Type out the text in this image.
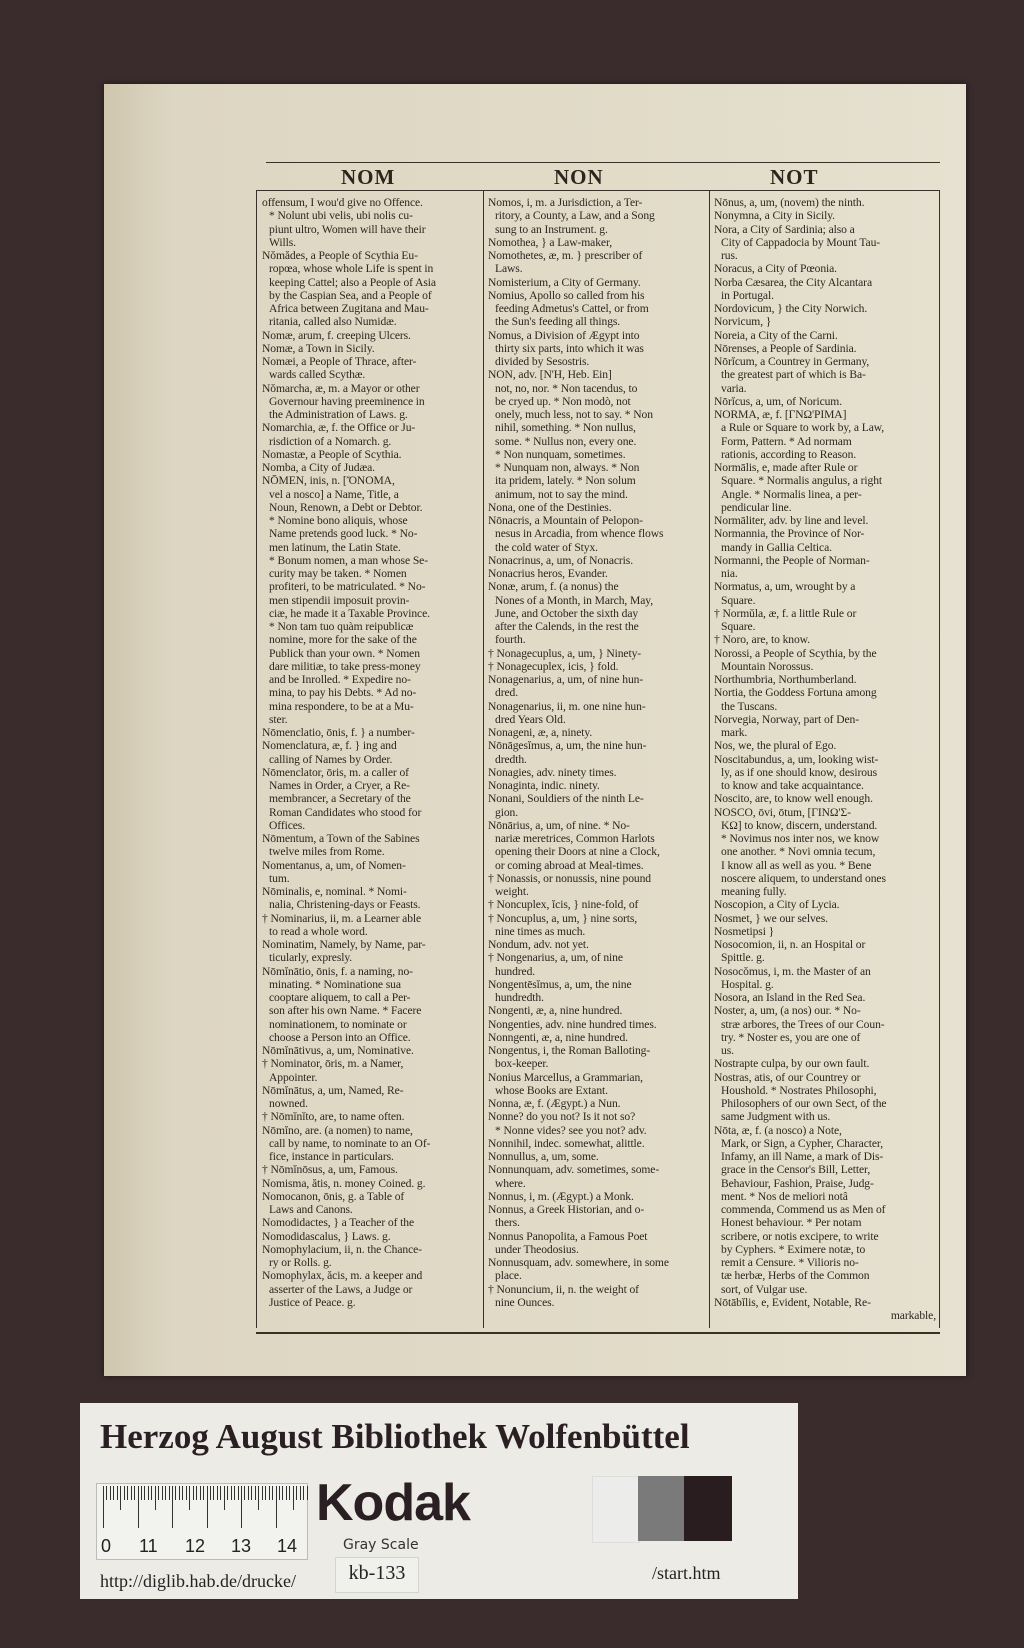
NOM	NON	NOT
offensum, I wou'd give no Offence.
* Nolunt ubi velis, ubi nolis cu-
piunt ultro, Women will have their
Wills.
Nŏmădes, a People of Scythia Eu-
ropœa, whose whole Life is spent in
keeping Cattel; also a People of Asia
by the Caspian Sea, and a People of
Africa between Zugitana and Mau-
ritania, called also Numidæ.
Nomæ, arum, f. creeping Ulcers.
Nomæ, a Town in Sicily.
Nomæi, a People of Thrace, after-
wards called Scythæ.
Nŏmarcha, æ, m. a Mayor or other
Governour having preeminence in
the Administration of Laws. g.
Nomarchia, æ, f. the Office or Ju-
risdiction of a Nomarch. g.
Nomastæ, a People of Scythia.
Nomba, a City of Judæa.
NŌMEN, inis, n. [ὌΝΟΜΑ,
vel a nosco] a Name, Title, a
Noun, Renown, a Debt or Debtor.
* Nomine bono aliquis, whose
Name pretends good luck. * No-
men latinum, the Latin State.
* Bonum nomen, a man whose Se-
curity may be taken. * Nomen
profiteri, to be matriculated. * No-
men stipendii imposuit provin-
ciæ, he made it a Taxable Province.
* Non tam tuo quàm reipublicæ
nomine, more for the sake of the
Publick than your own. * Nomen
dare militiæ, to take press-money
and be Inrolled. * Expedire no-
mina, to pay his Debts. * Ad no-
mina respondere, to be at a Mu-
ster.
Nōmenclatio, ōnis, f. } a number-
Nomenclatura, æ, f. } ing and
calling of Names by Order.
Nōmenclator, ōris, m. a caller of
Names in Order, a Cryer, a Re-
membrancer, a Secretary of the
Roman Candidates who stood for
Offices.
Nōmentum, a Town of the Sabines
twelve miles from Rome.
Nomentanus, a, um, of Nomen-
tum.
Nōminalis, e, nominal. * Nomi-
nalia, Christening-days or Feasts.
† Nominarius, ii, m. a Learner able
to read a whole word.
Nominatim, Namely, by Name, par-
ticularly, expresly.
Nōmĭnātio, ōnis, f. a naming, no-
minating. * Nominatione sua
cooptare aliquem, to call a Per-
son after his own Name. * Facere
nominationem, to nominate or
choose a Person into an Office.
Nōmĭnātivus, a, um, Nominative.
† Nominator, ōris, m. a Namer,
Appointer.
Nōmĭnātus, a, um, Named, Re-
nowned.
† Nōmĭnĭto, are, to name often.
Nōmĭno, are. (a nomen) to name,
call by name, to nominate to an Of-
fice, instance in particulars.
† Nōmĭnōsus, a, um, Famous.
Nomisma, ătis, n. money Coined. g.
Nomocanon, ōnis, g. a Table of
Laws and Canons.
Nomodidactes, } a Teacher of the
Nomodidascalus, } Laws. g.
Nomophylacium, ii, n. the Chance-
ry or Rolls. g.
Nomophylax, ăcis, m. a keeper and
asserter of the Laws, a Judge or
Justice of Peace. g.
Nomos, i, m. a Jurisdiction, a Ter-
ritory, a County, a Law, and a Song
sung to an Instrument. g.
Nomothea, } a Law-maker,
Nomothetes, æ, m. } prescriber of
Laws.
Nomisterium, a City of Germany.
Nomius, Apollo so called from his
feeding Admetus's Cattel, or from
the Sun's feeding all things.
Nomus, a Division of Ægypt into
thirty six parts, into which it was
divided by Sesostris.
NON, adv. [N'H, Heb. Ein]
not, no, nor. * Non tacendus, to
be cryed up. * Non modò, not
onely, much less, not to say. * Non
nihil, something. * Non nullus,
some. * Nullus non, every one.
* Non nunquam, sometimes.
* Nunquam non, always. * Non
ita pridem, lately. * Non solum
animum, not to say the mind.
Nona, one of the Destinies.
Nōnacris, a Mountain of Pelopon-
nesus in Arcadia, from whence flows
the cold water of Styx.
Nonacrinus, a, um, of Nonacris.
Nonacrius heros, Evander.
Nonæ, arum, f. (a nonus) the
Nones of a Month, in March, May,
June, and October the sixth day
after the Calends, in the rest the
fourth.
† Nonagecuplus, a, um, } Ninety-
† Nonagecuplex, icis, } fold.
Nonagenarius, a, um, of nine hun-
dred.
Nonagenarius, ii, m. one nine hun-
dred Years Old.
Nonageni, æ, a, ninety.
Nōnāgesĭmus, a, um, the nine hun-
dredth.
Nonagies, adv. ninety times.
Nonaginta, indic. ninety.
Nonani, Souldiers of the ninth Le-
gion.
Nōnārius, a, um, of nine. * No-
nariæ meretrices, Common Harlots
opening their Doors at nine a Clock,
or coming abroad at Meal-times.
† Nonassis, or nonussis, nine pound
weight.
† Noncuplex, ĭcis, } nine-fold, of
† Noncuplus, a, um, } nine sorts,
nine times as much.
Nondum, adv. not yet.
† Nongenarius, a, um, of nine
hundred.
Nongentēsĭmus, a, um, the nine
hundredth.
Nongenti, æ, a, nine hundred.
Nongenties, adv. nine hundred times.
Nonngenti, æ, a, nine hundred.
Nongentus, i, the Roman Balloting-
box-keeper.
Nonius Marcellus, a Grammarian,
whose Books are Extant.
Nonna, æ, f. (Ægypt.) a Nun.
Nonne? do you not? Is it not so?
* Nonne vides? see you not? adv.
Nonnihil, indec. somewhat, alittle.
Nonnullus, a, um, some.
Nonnunquam, adv. sometimes, some-
where.
Nonnus, i, m. (Ægypt.) a Monk.
Nonnus, a Greek Historian, and o-
thers.
Nonnus Panopolita, a Famous Poet
under Theodosius.
Nonnusquam, adv. somewhere, in some
place.
† Nonuncium, ii, n. the weight of
nine Ounces.
Nōnus, a, um, (novem) the ninth.
Nonymna, a City in Sicily.
Nora, a City of Sardinia; also a
City of Cappadocia by Mount Tau-
rus.
Noracus, a City of Pœonia.
Norba Cæsarea, the City Alcantara
in Portugal.
Nordovicum, } the City Norwich.
Norvicum, }
Noreia, a City of the Carni.
Nōrenses, a People of Sardinia.
Nōrĭcum, a Countrey in Germany,
the greatest part of which is Ba-
varia.
Nōrĭcus, a, um, of Noricum.
NORMA, æ, f. [ΓΝΩ'ΡΙΜΑ]
a Rule or Square to work by, a Law,
Form, Pattern. * Ad normam
rationis, according to Reason.
Normālis, e, made after Rule or
Square. * Normalis angulus, a right
Angle. * Normalis linea, a per-
pendicular line.
Normāliter, adv. by line and level.
Normannia, the Province of Nor-
mandy in Gallia Celtica.
Normanni, the People of Norman-
nia.
Normatus, a, um, wrought by a
Square.
† Normŭla, æ, f. a little Rule or
Square.
† Noro, are, to know.
Norossi, a People of Scythia, by the
Mountain Norossus.
Northumbria, Northumberland.
Nortia, the Goddess Fortuna among
the Tuscans.
Norvegia, Norway, part of Den-
mark.
Nos, we, the plural of Ego.
Noscitabundus, a, um, looking wist-
ly, as if one should know, desirous
to know and take acquaintance.
Noscito, are, to know well enough.
NOSCO, ōvi, ōtum, [ΓΙΝΩ'Σ-
ΚΩ] to know, discern, understand.
* Novimus nos inter nos, we know
one another. * Novi omnia tecum,
I know all as well as you. * Bene
noscere aliquem, to understand ones
meaning fully.
Noscopion, a City of Lycia.
Nosmet, } we our selves.
Nosmetipsi }
Nosocomion, ii, n. an Hospital or
Spittle. g.
Nosocŏmus, i, m. the Master of an
Hospital. g.
Nosora, an Island in the Red Sea.
Noster, a, um, (a nos) our. * No-
stræ arbores, the Trees of our Coun-
try. * Noster es, you are one of
us.
Nostrapte culpa, by our own fault.
Nostras, atis, of our Countrey or
Houshold. * Nostrates Philosophi,
Philosophers of our own Sect, of the
same Judgment with us.
Nōta, æ, f. (a nosco) a Note,
Mark, or Sign, a Cypher, Character,
Infamy, an ill Name, a mark of Dis-
grace in the Censor's Bill, Letter,
Behaviour, Fashion, Praise, Judg-
ment. * Nos de meliori notâ
commenda, Commend us as Men of
Honest behaviour. * Per notam
scribere, or notis excipere, to write
by Cyphers. * Eximere notæ, to
remit a Censure. * Vilioris no-
tæ herbæ, Herbs of the Common
sort, of Vulgar use.
Nōtābĭlis, e, Evident, Notable, Re-
markable,
Herzog August Bibliothek Wolfenbüttel
0 11 12 13 14
Kodak
Gray Scale
kb-133
http://diglib.hab.de/drucke/	/start.htm
